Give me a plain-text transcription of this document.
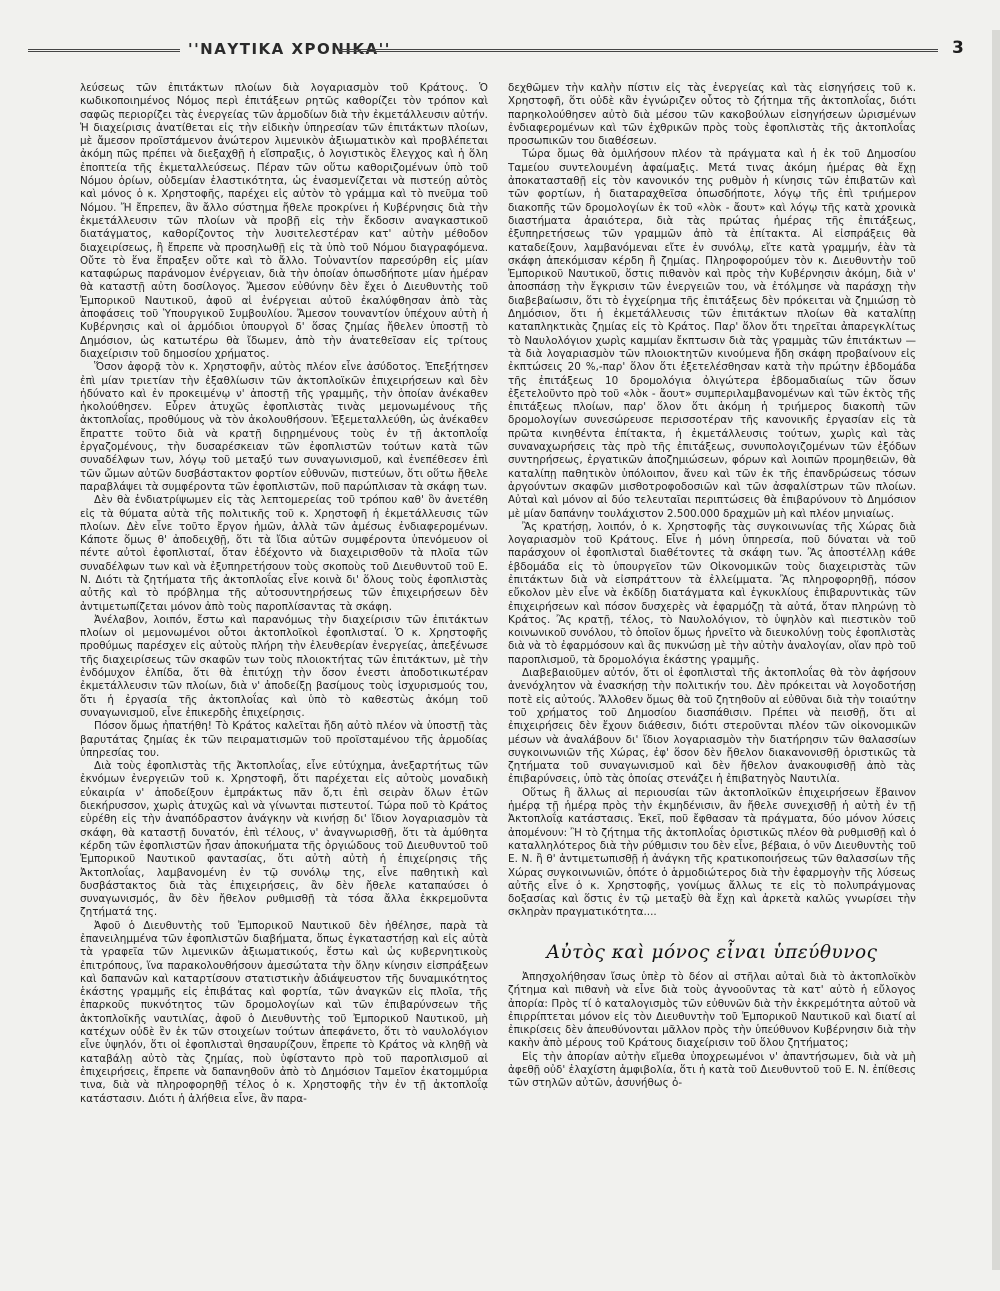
''ΝΑΥΤΙΚΑ ΧΡΟΝΙΚΑ''	3

λεύσεως τῶν ἐπιτάκτων πλοίων διὰ λογαριασμὸν τοῦ Κράτους. Ὁ κωδικοποιημένος Νόμος περὶ ἐπιτάξεων ρητῶς καθορίζει τὸν τρόπον καὶ σαφῶς περιορίζει τὰς ἐνεργείας τῶν ἁρμοδίων διὰ τὴν ἐκμετάλλευσιν αὐτήν. Ἡ διαχείρισις ἀνατίθεται εἰς τὴν εἰδικὴν ὑπηρεσίαν τῶν ἐπιτάκτων πλοίων, μὲ ἄμεσον προϊστάμενον ἀνώτερον λιμενικὸν ἀξιωματικὸν καὶ προβλέπεται ἀκόμη πῶς πρέπει νὰ διεξαχθῇ ἡ εἴσπραξις, ὁ λογιστικὸς ἔλεγχος καὶ ἡ ὅλη ἐποπτεία τῆς ἐκμεταλλεύσεως. Πέραν τῶν οὕτω καθοριζομένων ὑπὸ τοῦ Νόμου ὁρίων, οὐδεμίαν ἐλαστικότητα, ὡς ἐνασμενίζεται νὰ πιστεύῃ αὐτὸς καὶ μόνος ὁ κ. Χρηστοφῆς, παρέχει εἰς αὐτὸν τὸ γράμμα καὶ τὸ πνεῦμα τοῦ Νόμου. Ἤ ἔπρεπεν, ἂν ἄλλο σύστημα ἤθελε προκρίνει ἡ Κυβέρνησις διὰ τὴν ἐκμετάλλευσιν τῶν πλοίων νὰ προβῇ εἰς τὴν ἔκδοσιν αναγκαστικοῦ διατάγματος, καθορίζοντος τὴν λυσιτελεστέραν κατ' αὐτὴν μέθοδον διαχειρίσεως, ἢ ἔπρεπε νὰ προσηλωθῇ εἰς τὰ ὑπὸ τοῦ Νόμου διαγραφόμενα. Οὔτε τὸ ἕνα ἔπραξεν οὔτε καὶ τὸ ἄλλο. Τοὐναντίον παρεσύρθη εἰς μίαν καταφώρως παράνομον ἐνέργειαν, διὰ τὴν ὁποίαν ὁπωσδήποτε μίαν ἡμέραν θὰ καταστῇ αὐτη δοσίλογος. Ἄμεσον εὐθύνην δὲν ἔχει ὁ Διευθυντὴς τοῦ Ἐμπορικοῦ Ναυτικοῦ, ἀφοῦ αἱ ἐνέργειαι αὐτοῦ ἐκαλύφθησαν ἀπὸ τὰς ἀποφάσεις τοῦ Ὑπουργικοῦ Συμβουλίου. Ἄμεσον τουναντίον ὑπέχουν αὐτὴ ἡ Κυβέρνησις καὶ οἱ ἁρμόδιοι ὑπουργοὶ δ' ὅσας ζημίας ἤθελεν ὑποστῇ τὸ Δημόσιον, ὡς κατωτέρω θὰ ἴδωμεν, ἀπὸ τὴν ἀνατεθεῖσαν εἰς τρίτους διαχείρισιν τοῦ δημοσίου χρήματος.

Ὅσον ἀφορᾷ τὸν κ. Χρηστοφῆν, αὐτὸς πλέον εἶνε ἀσύδοτος. Ἐπεξήτησεν ἐπὶ μίαν τριετίαν τὴν ἐξαθλίωσιν τῶν ἀκτοπλοϊκῶν ἐπιχειρήσεων καὶ δὲν ἠδύνατο καὶ ἐν προκειμένῳ ν' ἀποστῇ τῆς γραμμῆς, τὴν ὁποίαν ἀνέκαθεν ἠκολούθησεν. Εὗρεν ἀτυχῶς ἐφοπλιστὰς τινὰς μεμονωμένους τῆς ἀκτοπλοΐας, προθύμους νὰ τὸν ἀκολουθήσουν. Ἐξεμεταλλεύθη, ὡς ἀνέκαθεν ἔπραττε τοῦτο διὰ νὰ κρατῇ διῃρημένους τοὺς ἐν τῇ ἀκτοπλοΐᾳ ἐργαζομένους, τὴν δυσαρέσκειαν τῶν ἐφοπλιστῶν τούτων κατὰ τῶν συναδέλφων των, λόγῳ τοῦ μεταξύ των συναγωνισμοῦ, καὶ ἐνεπέθεσεν ἐπὶ τῶν ὤμων αὐτῶν δυσβάστακτον φορτίον εὐθυνῶν, πιστεύων, ὅτι οὕτω ἤθελε παραβλάψει τὰ συμφέροντα τῶν ἐφοπλιστῶν, ποῦ παρώπλισαν τὰ σκάφη των.

Δὲν θὰ ἐνδιατρίψωμεν εἰς τὰς λεπτομερείας τοῦ τρόπου καθ' ὃν ἀνετέθη εἰς τὰ θύματα αὐτὰ τῆς πολιτικῆς τοῦ κ. Χρηστοφῆ ἡ ἐκμετάλλευσις τῶν πλοίων. Δὲν εἶνε τοῦτο ἔργον ἡμῶν, ἀλλὰ τῶν ἀμέσως ἐνδιαφερομένων. Κάποτε ὅμως θ' ἀποδειχθῇ, ὅτι τὰ ἴδια αὐτῶν συμφέροντα ὑπενόμευον οἱ πέντε αὐτοὶ ἐφοπλισταί, ὅταν ἐδέχοντο νὰ διαχειρισθοῦν τὰ πλοῖα τῶν συναδέλφων των καὶ νὰ ἐξυπηρετήσουν τοὺς σκοποὺς τοῦ Διευθυντοῦ τοῦ Ε. Ν. Διότι τὰ ζητήματα τῆς ἀκτοπλοΐας εἶνε κοινὰ δι' ὅλους τοὺς ἐφοπλιστὰς αὐτῆς καὶ τὸ πρόβλημα τῆς αὐτοσυντηρήσεως τῶν ἐπιχειρήσεων δὲν ἀντιμετωπίζεται μόνον ἀπὸ τοὺς παροπλίσαντας τὰ σκάφη.

Ἀνέλαβον, λοιπόν, ἔστω καὶ παρανόμως τὴν διαχείρισιν τῶν ἐπιτάκτων πλοίων οἱ μεμονωμένοι οὗτοι ἀκτοπλοϊκοὶ ἐφοπλισταί. Ὁ κ. Χρηστοφῆς προθύμως παρέσχεν εἰς αὐτοὺς πλήρη τὴν ἐλευθερίαν ἐνεργείας, ἀπεξένωσε τῆς διαχειρίσεως τῶν σκαφῶν των τοὺς πλοιοκτήτας τῶν ἐπιτάκτων, μὲ τὴν ἐνδόμυχον ἐλπίδα, ὅτι θὰ ἐπιτύχῃ τὴν ὅσον ἐνεστι ἀποδοτικωτέραν ἐκμετάλλευσιν τῶν πλοίων, διὰ ν' ἀποδείξῃ βασίμους τοὺς ἰσχυρισμούς του, ὅτι ἡ ἐργασία τῆς ἀκτοπλοΐας καὶ ὑπὸ τὸ καθεστὼς ἀκόμη τοῦ συναγωνισμοῦ, εἶνε ἐπικερδὴς ἐπιχείρησις.

Πόσον ὅμως ἠπατήθη! Τὸ Κράτος καλεῖται ἤδη αὐτὸ πλέον νὰ ὑποστῇ τὰς βαρυτάτας ζημίας ἐκ τῶν πειραματισμῶν τοῦ προϊσταμένου τῆς ἁρμοδίας ὑπηρεσίας του.

Διὰ τοὺς ἐφοπλιστὰς τῆς Ἀκτοπλοΐας, εἶνε εὐτύχημα, ἀνεξαρτήτως τῶν ἐκνόμων ἐνεργειῶν τοῦ κ. Χρηστοφῆ, ὅτι παρέχεται εἰς αὐτοὺς μοναδικὴ εὐκαιρία ν' ἀποδείξουν ἐμπράκτως πᾶν ὅ,τι ἐπὶ σειρὰν ὅλων ἐτῶν διεκήρυσσον, χωρὶς ἀτυχῶς καὶ νὰ γίνωνται πιστευτοί. Τώρα ποῦ τὸ Κράτος εὑρέθη εἰς τὴν ἀναπόδραστον ἀνάγκην νὰ κινήσῃ δι' ἴδιον λογαριασμὸν τὰ σκάφη, θὰ καταστῇ δυνατόν, ἐπὶ τέλους, ν' ἀναγνωρισθῇ, ὅτι τὰ ἀμύθητα κέρδη τῶν ἐφοπλιστῶν ἦσαν ἀποκυήματα τῆς ὀργιώδους τοῦ Διευθυντοῦ τοῦ Ἐμπορικοῦ Ναυτικοῦ φαντασίας, ὅτι αὐτὴ αὐτὴ ἡ ἐπιχείρησις τῆς Ἀκτοπλοΐας, λαμβανομένη ἐν τῷ συνόλῳ της, εἶνε παθητικὴ καὶ δυσβάστακτος διὰ τὰς ἐπιχειρήσεις, ἂν δὲν ἤθελε καταπαύσει ὁ συναγωνισμός, ἂν δὲν ἤθελον ρυθμισθῇ τὰ τόσα ἄλλα ἐκκρεμοῦντα ζητήματά της.

Ἀφοῦ ὁ Διευθυντὴς τοῦ Ἐμπορικοῦ Ναυτικοῦ δὲν ἠθέλησε, παρὰ τὰ ἐπανειλημμένα τῶν ἐφοπλιστῶν διαβήματα, ὅπως ἐγκαταστήσῃ καὶ εἰς αὐτὰ τὰ γραφεῖα τῶν λιμενικῶν ἀξιωματικούς, ἔστω καὶ ὡς κυβερνητικοὺς ἐπιτρόπους, ἵνα παρακολουθήσουν ἀμεσώτατα τὴν ὅλην κίνησιν εἰσπράξεων καὶ δαπανῶν καὶ καταρτίσουν στατιστικὴν ἀδιάψευστον τῆς δυναμικότητος ἑκάστης γραμμῆς εἰς ἐπιβάτας καὶ φορτία, τῶν ἀναγκῶν εἰς πλοῖα, τῆς ἐπαρκοῦς πυκνότητος τῶν δρομολογίων καὶ τῶν ἐπιβαρύνσεων τῆς ἀκτοπλοϊκῆς ναυτιλίας, ἀφοῦ ὁ Διευθυντὴς τοῦ Ἐμπορικοῦ Ναυτικοῦ, μὴ κατέχων οὐδὲ ἓν ἐκ τῶν στοιχείων τούτων ἀπεφάνετο, ὅτι τὸ ναυλολόγιον εἶνε ὑψηλόν, ὅτι οἱ ἐφοπλισταὶ θησαυρίζουν, ἔπρεπε τὸ Κράτος νὰ κληθῇ νὰ καταβάλῃ αὐτὸ τὰς ζημίας, ποὺ ὑφίσταντο πρὸ τοῦ παροπλισμοῦ αἱ ἐπιχειρήσεις, ἔπρεπε νὰ δαπανηθοῦν ἀπὸ τὸ Δημόσιον Ταμεῖον ἑκατομμύρια τινα, διὰ νὰ πληροφορηθῇ τέλος ὁ κ. Χρηστοφῆς τὴν ἐν τῇ ἀκτοπλοΐᾳ κατάστασιν. Διότι ἡ ἀλήθεια εἶνε, ἂν παρα-

δεχθῶμεν τὴν καλὴν πίστιν εἰς τὰς ἐνεργείας καὶ τὰς εἰσηγήσεις τοῦ κ. Χρηστοφῆ, ὅτι οὐδὲ κἂν ἐγνώριζεν οὗτος τὸ ζήτημα τῆς ἀκτοπλοΐας, διότι παρηκολούθησεν αὐτὸ διὰ μέσου τῶν κακοβούλων εἰσηγήσεων ὡρισμένων ἐνδιαφερομένων καὶ τῶν ἐχθρικῶν πρὸς τοὺς ἐφοπλιστὰς τῆς ἀκτοπλοΐας προσωπικῶν του διαθέσεων.

Τώρα ὅμως θὰ ὁμιλήσουν πλέον τὰ πράγματα καὶ ἡ ἐκ τοῦ Δημοσίου Ταμείου συντελουμένη ἀφαίμαξις. Μετά τινας ἀκόμη ἡμέρας θὰ ἔχῃ ἀποκατασταθῇ εἰς τὸν κανονικόν της ρυθμὸν ἡ κίνησις τῶν ἐπιβατῶν καὶ τῶν φορτίων, ἡ διαταραχθεῖσα ὁπωσδήποτε, λόγῳ τῆς ἐπὶ τριήμερον διακοπῆς τῶν δρομολογίων ἐκ τοῦ «λὸκ - ἄουτ» καὶ λόγῳ τῆς κατὰ χρονικὰ διαστήματα ἀραιότερα, διὰ τὰς πρώτας ἡμέρας τῆς ἐπιτάξεως, ἐξυπηρετήσεως τῶν γραμμῶν ἀπὸ τὰ ἐπίτακτα. Αἱ εἰσπράξεις θὰ καταδείξουν, λαμβανόμεναι εἴτε ἐν συνόλῳ, εἴτε κατὰ γραμμήν, ἐὰν τὰ σκάφη ἀπεκόμισαν κέρδη ἢ ζημίας. Πληροφορούμεν τὸν κ. Διευθυντὴν τοῦ Ἐμπορικοῦ Ναυτικοῦ, ὅστις πιθανὸν καὶ πρὸς τὴν Κυβέρνησιν ἀκόμη, διὰ ν' ἀποσπάσῃ τὴν ἔγκρισιν τῶν ἐνεργειῶν του, νὰ ἐτόλμησε νὰ παράσχῃ τὴν διαβεβαίωσιν, ὅτι τὸ ἐγχείρημα τῆς ἐπιτάξεως δὲν πρόκειται νὰ ζημιώσῃ τὸ Δημόσιον, ὅτι ἡ ἐκμετάλλευσις τῶν ἐπιτάκτων πλοίων θὰ καταλίπῃ καταπληκτικὰς ζημίας εἰς τὸ Κράτος. Παρ' ὅλον ὅτι τηρεῖται ἀπαρεγκλίτως τὸ Ναυλολόγιον χωρὶς καμμίαν ἔκπτωσιν διὰ τὰς γραμμὰς τῶν ἐπιτάκτων — τὰ διὰ λογαριασμὸν τῶν πλοιοκτητῶν κινούμενα ἤδη σκάφη προβαίνουν εἰς ἐκπτώσεις 20 %,-παρ' ὅλον ὅτι ἐξετελέσθησαν κατὰ τὴν πρώτην ἑβδομάδα τῆς ἐπιτάξεως 10 δρομολόγια ὀλιγώτερα ἑβδομαδιαίως τῶν ὅσων ἐξετελοῦντο πρὸ τοῦ «λὸκ - ἄουτ» συμπεριλαμβανομένων καὶ τῶν ἐκτὸς τῆς ἐπιτάξεως πλοίων, παρ' ὅλον ὅτι ἀκόμη ἡ τριήμερος διακοπὴ τῶν δρομολογίων συνεσώρευσε περισσοτέραν τῆς κανονικῆς ἐργασίαν εἰς τὰ πρῶτα κινηθέντα ἐπίτακτα, ἡ ἐκμετάλλευσις τούτων, χωρὶς καὶ τὰς συναναχωρήσεις τὰς πρὸ τῆς ἐπιτάξεως, συνυπολογιζομένων τῶν ἐξόδων συντηρήσεως, ἐργατικῶν ἀποζημιώσεων, φόρων καὶ λοιπῶν προμηθειῶν, θὰ καταλίπῃ παθητικὸν ὑπόλοιπον, ἄνευ καὶ τῶν ἐκ τῆς ἐπανδρώσεως τόσων ἀργούντων σκαφῶν μισθοτροφοδοσιῶν καὶ τῶν ἀσφαλίστρων τῶν πλοίων. Αὐταὶ καὶ μόνον αἱ δύο τελευταῖαι περιπτώσεις θὰ ἐπιβαρύνουν τὸ Δημόσιον μὲ μίαν δαπάνην τουλάχιστον 2.500.000 δραχμῶν μὴ καὶ πλέον μηνιαίως.

Ἂς κρατήσῃ, λοιπόν, ὁ κ. Χρηστοφῆς τὰς συγκοινωνίας τῆς Χώρας διὰ λογαριασμὸν τοῦ Κράτους. Εἶνε ἡ μόνη ὑπηρεσία, ποῦ δύναται νὰ τοῦ παράσχουν οἱ ἐφοπλισταὶ διαθέτοντες τὰ σκάφη των. Ἂς ἀποστέλλῃ κάθε ἑβδομάδα εἰς τὸ ὑπουργεῖον τῶν Οἰκονομικῶν τοὺς διαχειριστὰς τῶν ἐπιτάκτων διὰ νὰ εἰσπράττουν τὰ ἐλλείμματα. Ἂς πληροφορηθῇ, πόσον εὔκολον μὲν εἶνε νὰ ἐκδίδῃ διατάγματα καὶ ἐγκυκλίους ἐπιβαρυντικὰς τῶν ἐπιχειρήσεων καὶ πόσον δυσχερὲς νὰ ἐφαρμόζῃ τὰ αὐτά, ὅταν πληρώνῃ τὸ Κράτος. Ἂς κρατῇ, τέλος, τὸ Ναυλολόγιον, τὸ ὑψηλὸν καὶ πιεστικὸν τοῦ κοινωνικοῦ συνόλου, τὸ ὁποῖον ὅμως ἠρνεῖτο νὰ διευκολύνῃ τοὺς ἐφοπλιστὰς διὰ νὰ τὸ ἐφαρμόσουν καὶ ἂς πυκνώσῃ μὲ τὴν αὐτὴν ἀναλογίαν, οἵαν πρὸ τοῦ παροπλισμοῦ, τὰ δρομολόγια ἑκάστης γραμμῆς.

Διαβεβαιοῦμεν αὐτόν, ὅτι οἱ ἐφοπλισταὶ τῆς ἀκτοπλοΐας θὰ τὸν ἀφήσουν ἀνενόχλητον νὰ ἐνασκήσῃ τὴν πολιτικήν του. Δὲν πρόκειται νὰ λογοδοτήσῃ ποτὲ εἰς αὐτούς. Ἄλλοθεν ὅμως θὰ τοῦ ζητηθοῦν αἱ εὐθῦναι διὰ τὴν τοιαύτην τοῦ χρήματος τοῦ Δημοσίου διασπάθισιν. Πρέπει νὰ πεισθῇ, ὅτι αἱ ἐπιχειρήσεις δὲν ἔχουν διάθεσιν, διότι στεροῦνται πλέον τῶν οἰκονομικῶν μέσων νὰ ἀναλάβουν δι' ἴδιον λογαριασμὸν τὴν διατήρησιν τῶν θαλασσίων συγκοινωνιῶν τῆς Χώρας, ἐφ' ὅσον δὲν ἤθελον διακανονισθῇ ὁριστικῶς τὰ ζητήματα τοῦ συναγωνισμοῦ καὶ δὲν ἤθελον ἀνακουφισθῇ ἀπὸ τὰς ἐπιβαρύνσεις, ὑπὸ τὰς ὁποίας στενάζει ἡ ἐπιβατηγὸς Ναυτιλία.

Οὕτως ἢ ἄλλως αἱ περιουσίαι τῶν ἀκτοπλοϊκῶν ἐπιχειρήσεων ἔβαινον ἡμέρᾳ τῇ ἡμέρᾳ πρὸς τὴν ἐκμηδένισιν, ἂν ἤθελε συνεχισθῇ ἡ αὐτὴ ἐν τῇ Ἀκτοπλοΐᾳ κατάστασις. Ἐκεῖ, ποῦ ἔφθασαν τὰ πράγματα, δύο μόνον λύσεις ἀπομένουν: Ἢ τὸ ζήτημα τῆς ἀκτοπλοΐας ὁριστικῶς πλέον θὰ ρυθμισθῇ καὶ ὁ καταλληλότερος διὰ τὴν ρύθμισιν του δὲν εἶνε, βέβαια, ὁ νῦν Διευθυντὴς τοῦ Ε. Ν. ἢ θ' ἀντιμετωπισθῇ ἡ ἀνάγκη τῆς κρατικοποιήσεως τῶν θαλασσίων τῆς Χώρας συγκοινωνιῶν, ὁπότε ὁ ἁρμοδιώτερος διὰ τὴν ἐφαρμογὴν τῆς λύσεως αὐτῆς εἶνε ὁ κ. Χρηστοφῆς, γονίμως ἄλλως τε εἰς τὸ πολυπράγμονας δοξασίας καὶ ὅστις ἐν τῷ μεταξὺ θὰ ἔχῃ καὶ ἀρκετὰ καλῶς γνωρίσει τὴν σκληρὰν πραγματικότητα....

Αὐτὸς καὶ μόνος εἶναι ὑπεύθυνος

Ἀπησχολήθησαν ἴσως ὑπὲρ τὸ δέον αἱ στῆλαι αὐταὶ διὰ τὸ ἀκτοπλοϊκὸν ζήτημα καὶ πιθανὴ νὰ εἶνε διὰ τοὺς ἀγνοοῦντας τὰ κατ' αὐτὸ ἡ εὔλογος ἀπορία: Πρὸς τί ὁ καταλογισμὸς τῶν εὐθυνῶν διὰ τὴν ἐκκρεμότητα αὐτοῦ νὰ ἐπιρρίπτεται μόνον εἰς τὸν Διευθυντὴν τοῦ Ἐμπορικοῦ Ναυτικοῦ καὶ διατί αἱ ἐπικρίσεις δὲν ἀπευθύνονται μᾶλλον πρὸς τὴν ὑπεύθυνον Κυβέρνησιν διὰ τὴν κακὴν ἀπὸ μέρους τοῦ Κράτους διαχείρισιν τοῦ ὅλου ζητήματος;

Εἰς τὴν ἀπορίαν αὐτὴν εἴμεθα ὑποχρεωμένοι ν' ἀπαντήσωμεν, διὰ νὰ μὴ ἀφεθῇ οὐδ' ἐλαχίστη ἀμφιβολία, ὅτι ἡ κατὰ τοῦ Διευθυντοῦ τοῦ Ε. Ν. ἐπίθεσις τῶν στηλῶν αὐτῶν, ἀσυνήθως ὀ-
